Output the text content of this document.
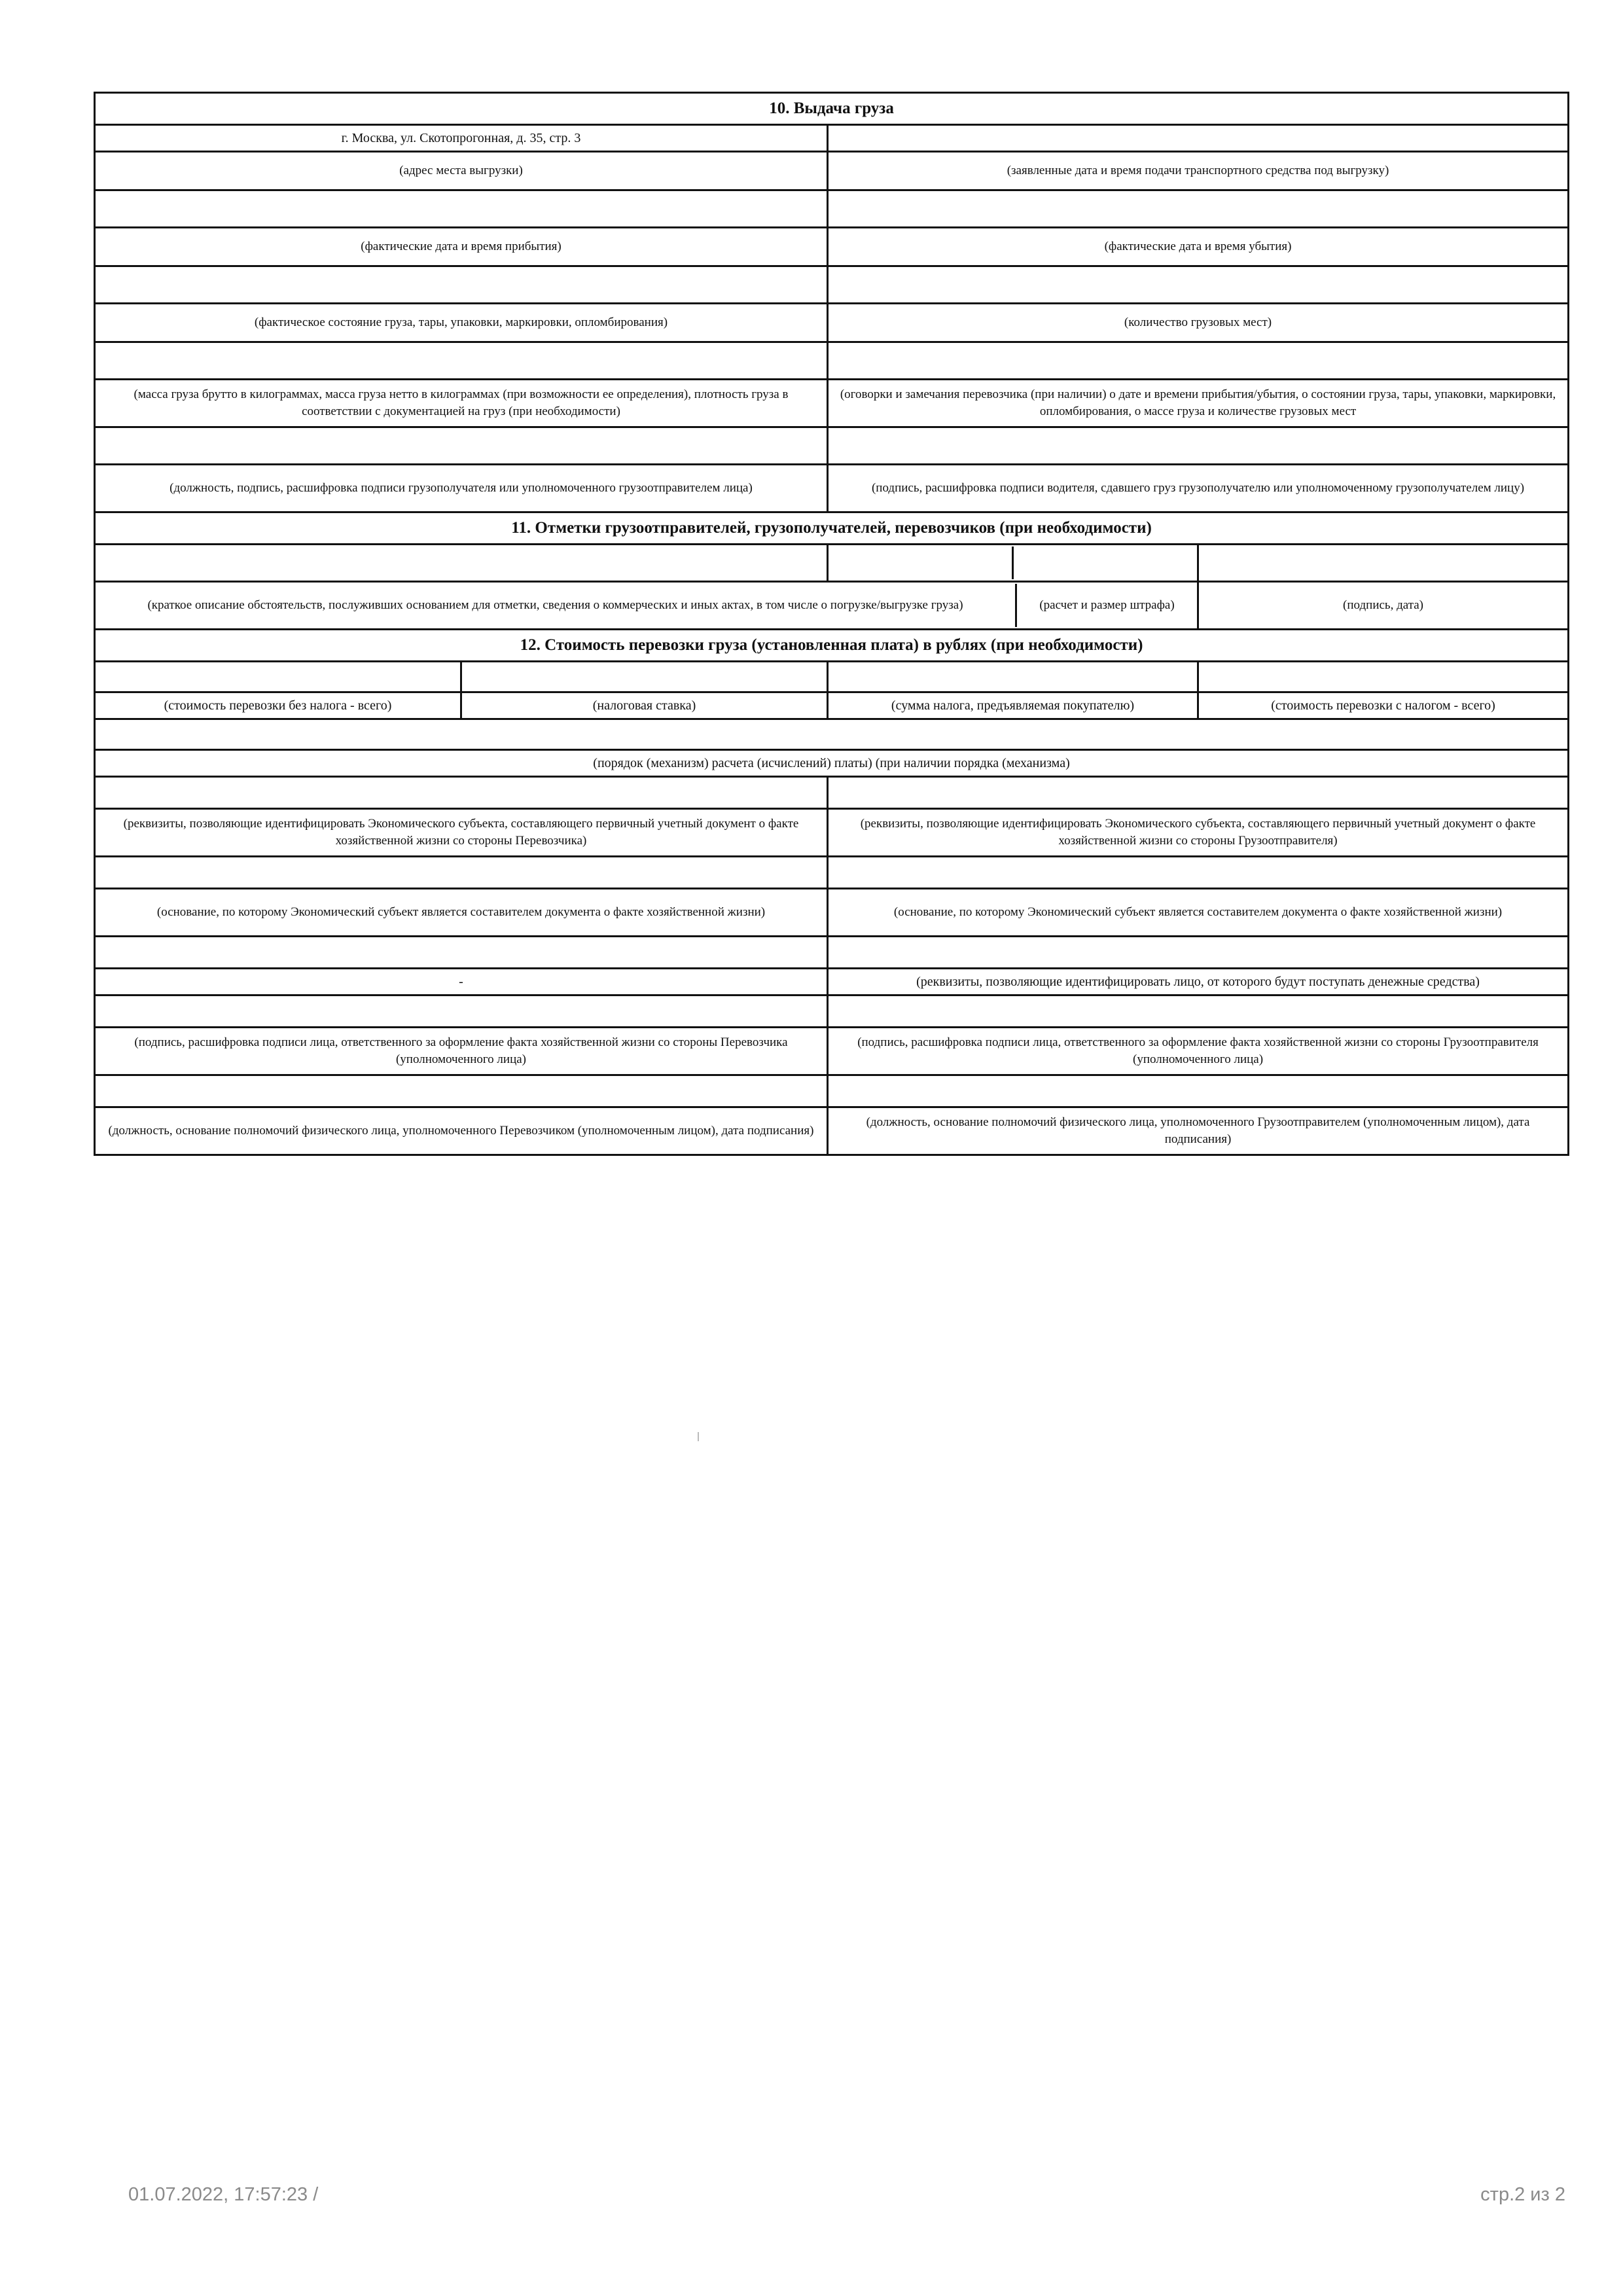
10. Выдача груза			
г. Москва, ул. Скотопрогонная, д. 35, стр. 3			
(адрес места выгрузки)		(заявленные дата и время подачи транспортного средства под выгрузку)	

(фактические дата и время прибытия)		(фактические дата и время убытия)	

(фактическое состояние груза, тары, упаковки, маркировки, опломбирования)		(количество грузовых мест)	

(масса груза брутто в килограммах, масса груза нетто в килограммах (при возможности ее определения), плотность груза в соответствии с документацией на груз (при необходимости)		(оговорки и замечания перевозчика (при наличии) о дате и времени прибытия/убытия, о состоянии груза, тары, упаковки, маркировки, опломбирования, о массе груза и количестве грузовых мест	

(должность, подпись, расшифровка подписи грузополучателя или уполномоченного грузоотправителем лица)		(подпись, расшифровка подписи водителя, сдавшего груз грузополучателю или уполномоченному грузополучателем лицу)	
11. Отметки грузоотправителей, грузополучателей, перевозчиков (при необходимости)			

(краткое описание обстоятельств, послуживших основанием для отметки, сведения о коммерческих и иных актах, в том числе о погрузке/выгрузке груза) (расчет и размер штрафа)			(подпись, дата)
12. Стоимость перевозки груза (установленная плата) в рублях (при необходимости)			

(стоимость перевозки без налога - всего)	(налоговая ставка)	(сумма налога, предъявляемая покупателю)	(стоимость перевозки с налогом - всего)

(порядок (механизм) расчета (исчислений) платы) (при наличии порядка (механизма)			

(реквизиты, позволяющие идентифицировать Экономического субъекта, составляющего первичный учетный документ о факте хозяйственной жизни со стороны Перевозчика)		(реквизиты, позволяющие идентифицировать Экономического субъекта, составляющего первичный учетный документ о факте хозяйственной жизни со стороны Грузоотправителя)	

(основание, по которому Экономический субъект является составителем документа о факте хозяйственной жизни)		(основание, по которому Экономический субъект является составителем документа о факте хозяйственной жизни)	

-		(реквизиты, позволяющие идентифицировать лицо, от которого будут поступать денежные средства)	

(подпись, расшифровка подписи лица, ответственного за оформление факта хозяйственной жизни со стороны Перевозчика (уполномоченного лица)		(подпись, расшифровка подписи лица, ответственного за оформление факта хозяйственной жизни со стороны Грузоотправителя (уполномоченного лица)	

(должность, основание полномочий физического лица, уполномоченного Перевозчиком (уполномоченным лицом), дата подписания)		(должность, основание полномочий физического лица, уполномоченного Грузоотправителем (уполномоченным лицом), дата подписания)	
01.07.2022, 17:57:23 /	стр.2 из 2
